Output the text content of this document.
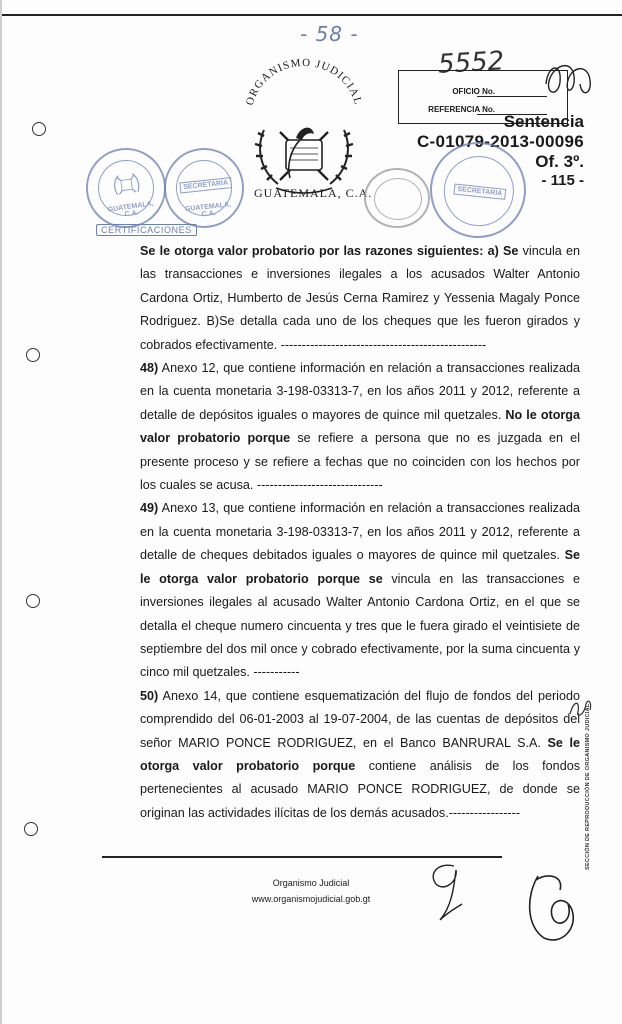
- 58 -
5552
OFICIO No.
REFERENCIA No.
Sentencia
C-01079-2013-00096
Of. 3º.
- 115 -
ORGANISMO JUDICIAL
GUATEMALA, C.A.
GUATEMALA, C.A.
SECRETARIA
GUATEMALA, C.A.
CERTIFICACIONES
SECRETARIA

Se le otorga valor probatorio por las razones siguientes: a) Se vincula en las transacciones e inversiones ilegales a los acusados Walter Antonio Cardona Ortiz, Humberto de Jesús Cerna Ramirez y Yessenia Magaly Ponce Rodriguez. B)Se detalla cada uno de los cheques que les fueron girados y cobrados efectivamente. -------------------------------------------------

48) Anexo 12, que contiene información en relación a transacciones realizada en la cuenta monetaria 3-198-03313-7, en los años 2011 y 2012, referente a detalle de depósitos iguales o mayores de quince mil quetzales. No le otorga valor probatorio porque se refiere a persona que no es juzgada en el presente proceso y se refiere a fechas que no coinciden con los hechos por los cuales se acusa. ------------------------------

49) Anexo 13, que contiene información en relación a transacciones realizada en la cuenta monetaria 3-198-03313-7, en los años 2011 y 2012, referente a detalle de cheques debitados iguales o mayores de quince mil quetzales. Se le otorga valor probatorio porque se vincula en las transacciones e inversiones ilegales al acusado Walter Antonio Cardona Ortiz, en el que se detalla el cheque numero cincuenta y tres que le fuera girado el veintisiete de septiembre del dos mil once y cobrado efectivamente, por la suma cincuenta y cinco mil quetzales. -----------

50) Anexo 14, que contiene esquematización del flujo de fondos del periodo comprendido del 06-01-2003 al 19-07-2004, de las cuentas de depósitos del señor MARIO PONCE RODRIGUEZ, en el Banco BANRURAL S.A. Se le otorga valor probatorio porque contiene análisis de los fondos pertenecientes al acusado MARIO PONCE RODRIGUEZ, de donde se originan las actividades ilícitas de los demás acusados.-----------------	SECCIÓN DE REPRODUCCIÓN DE ORGANISMO JUDICIAL
Organismo Judicial
www.organismojudicial.gob.gt
